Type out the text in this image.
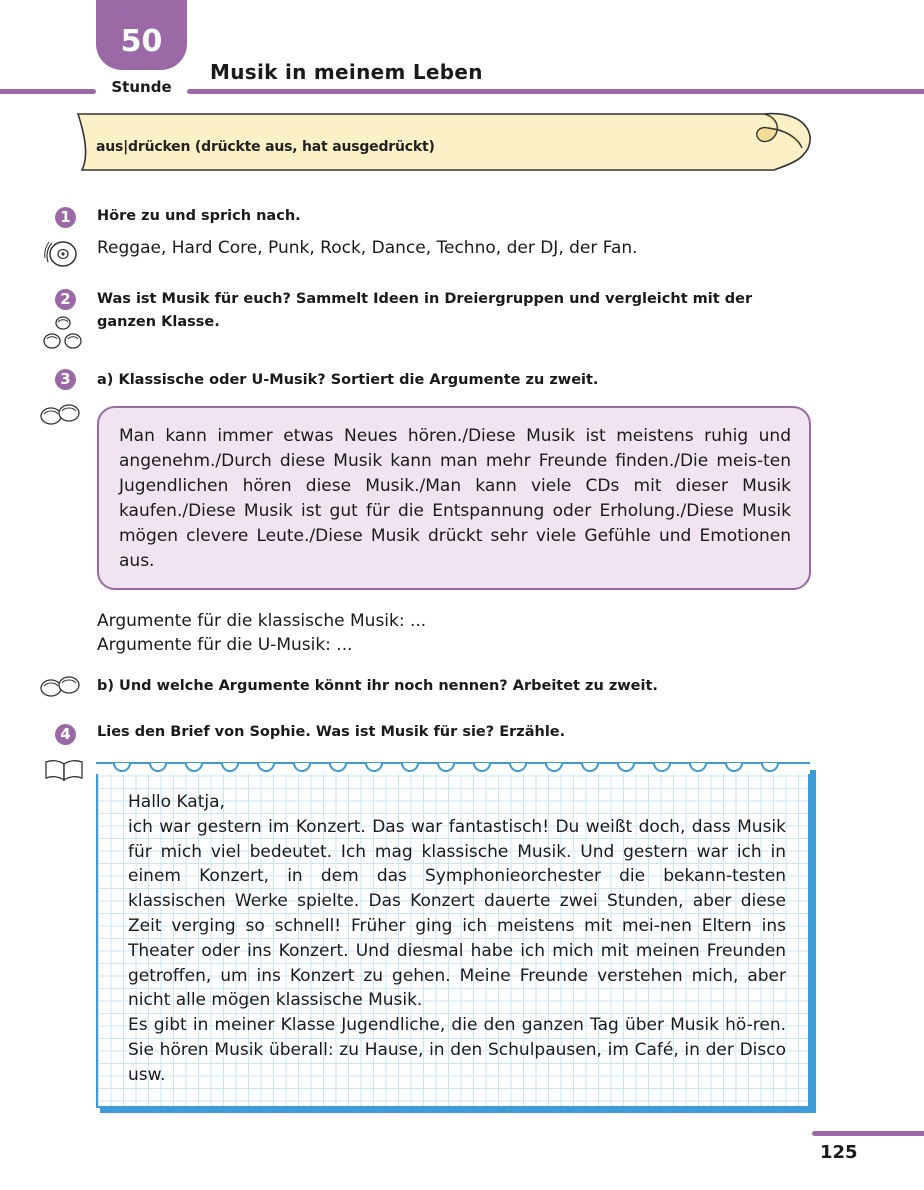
50
Stunde
Musik in meinem Leben
aus|drücken (drückte aus, hat ausgedrückt)
1	Höre zu und sprich nach.
Reggae, Hard Core, Punk, Rock, Dance, Techno, der DJ, der Fan.
2	Was ist Musik für euch? Sammelt Ideen in Dreiergruppen und vergleicht mit der
ganzen Klasse.
3	a) Klassische oder U-Musik? Sortiert die Argumente zu zweit.
Man kann immer etwas Neues hören./Diese Musik ist meistens ruhig und angenehm./Durch diese Musik kann man mehr Freunde finden./Die meis-ten Jugendlichen hören diese Musik./Man kann viele CDs mit dieser Musik kaufen./Diese Musik ist gut für die Entspannung oder Erholung./Diese Musik mögen clevere Leute./Diese Musik drückt sehr viele Gefühle und Emotionen aus.
Argumente für die klassische Musik: ...
Argumente für die U-Musik: ...
b) Und welche Argumente könnt ihr noch nennen? Arbeitet zu zweit.
4	Lies den Brief von Sophie. Was ist Musik für sie? Erzähle.
Hallo Katja,
ich war gestern im Konzert. Das war fantastisch! Du weißt doch, dass Musik für mich viel bedeutet. Ich mag klassische Musik. Und gestern war ich in einem Konzert, in dem das Symphonieorchester die bekann-testen klassischen Werke spielte. Das Konzert dauerte zwei Stunden, aber diese Zeit verging so schnell! Früher ging ich meistens mit mei-nen Eltern ins Theater oder ins Konzert. Und diesmal habe ich mich mit meinen Freunden getroffen, um ins Konzert zu gehen. Meine Freunde verstehen mich, aber nicht alle mögen klassische Musik.
Es gibt in meiner Klasse Jugendliche, die den ganzen Tag über Musik hö-ren. Sie hören Musik überall: zu Hause, in den Schulpausen, im Café, in der Disco usw.
125
